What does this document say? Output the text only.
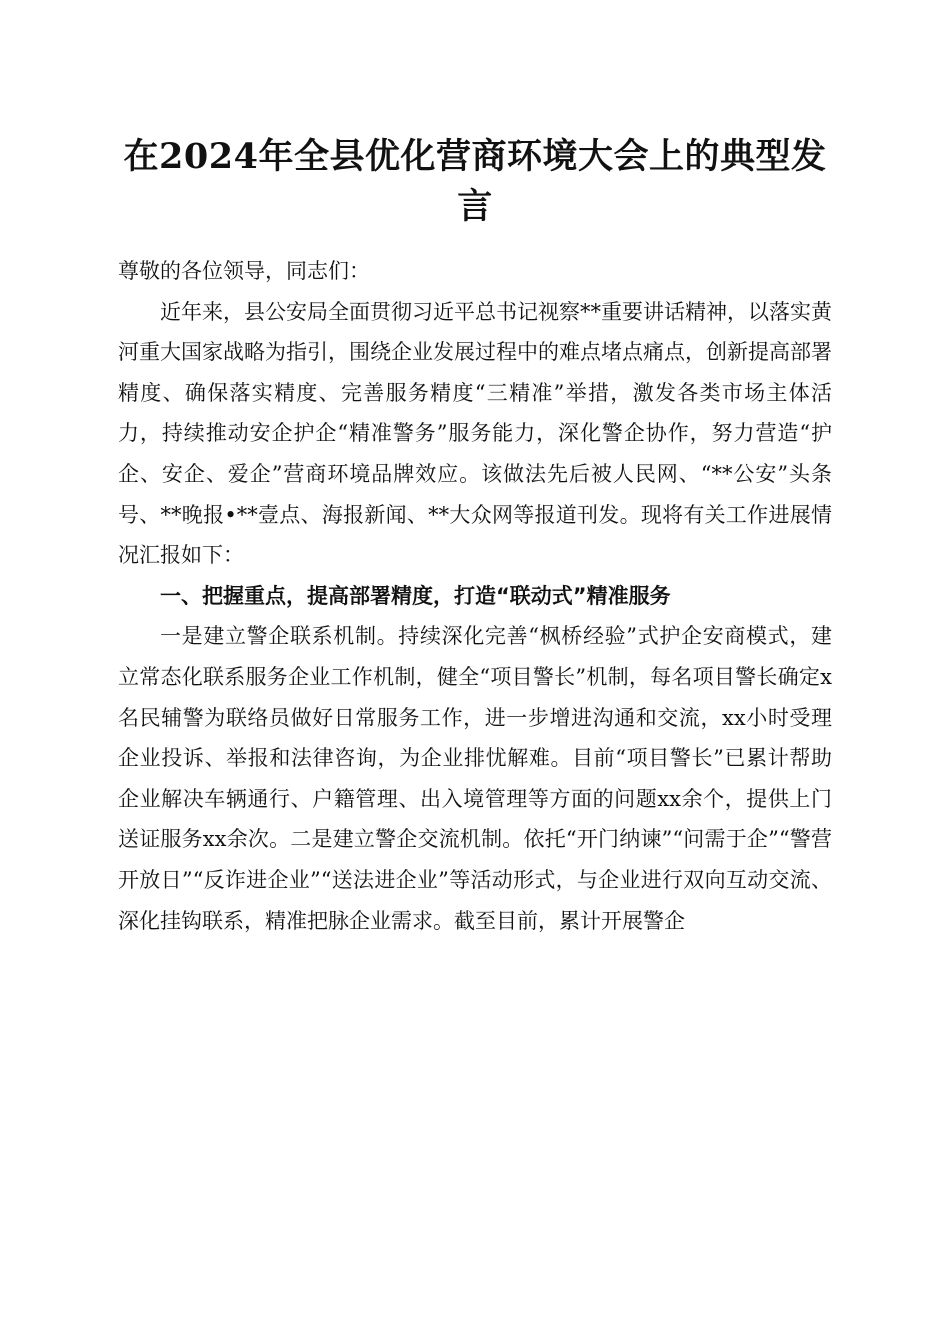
在2024年全县优化营商环境大会上的典型发言

尊敬的各位领导，同志们：

近年来，县公安局全面贯彻习近平总书记视察**重要讲话精神，以落实黄河重大国家战略为指引，围绕企业发展过程中的难点堵点痛点，创新提高部署精度、确保落实精度、完善服务精度“三精准”举措，激发各类市场主体活力，持续推动安企护企“精准警务”服务能力，深化警企协作，努力营造“护企、安企、爱企”营商环境品牌效应。该做法先后被人民网、“**公安”头条号、**晚报•**壹点、海报新闻、**大众网等报道刊发。现将有关工作进展情况汇报如下：

一、把握重点，提高部署精度，打造“联动式”精准服务

一是建立警企联系机制。持续深化完善“枫桥经验”式护企安商模式，建立常态化联系服务企业工作机制，健全“项目警长”机制，每名项目警长确定x名民辅警为联络员做好日常服务工作，进一步增进沟通和交流，xx小时受理企业投诉、举报和法律咨询，为企业排忧解难。目前“项目警长”已累计帮助企业解决车辆通行、户籍管理、出入境管理等方面的问题xx余个，提供上门送证服务xx余次。二是建立警企交流机制。依托“开门纳谏”“问需于企”“警营开放日”“反诈进企业”“送法进企业”等活动形式，与企业进行双向互动交流、深化挂钩联系，精准把脉企业需求。截至目前，累计开展警企
